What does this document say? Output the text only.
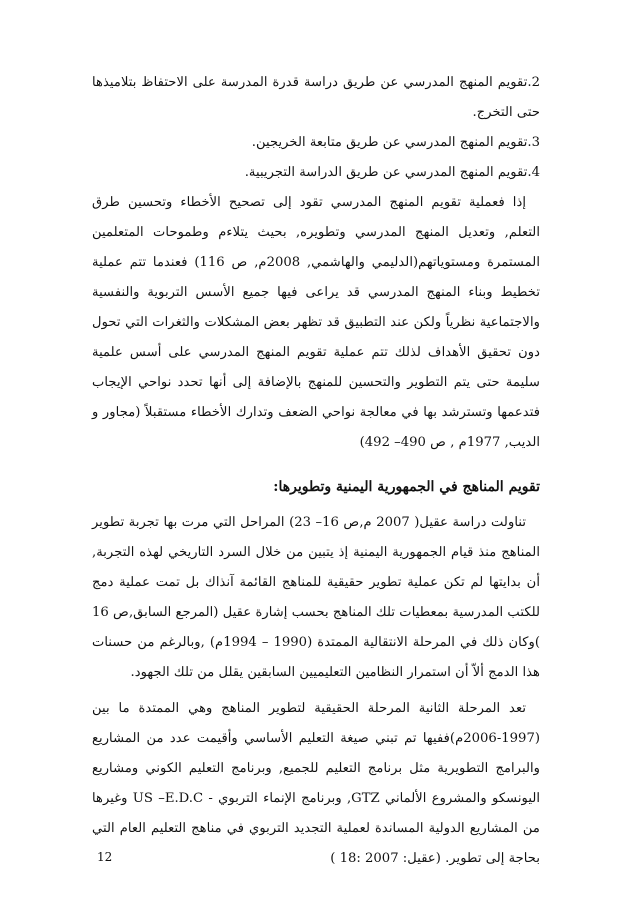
2.تقويم المنهج المدرسي عن طريق دراسة قدرة المدرسة على الاحتفاظ بتلاميذها حتى التخرج.

3.تقويم المنهج المدرسي عن طريق متابعة الخريجين.

4.تقويم المنهج المدرسي عن طريق الدراسة التجريبية.

إذا فعملية تقويم المنهج المدرسي تقود إلى تصحيح الأخطاء وتحسين طرق التعلم, وتعديل المنهج المدرسي وتطويره, بحيث يتلاءم وطموحات المتعلمين المستمرة ومستوياتهم(الدليمي والهاشمي, 2008م, ص 116) فعندما تتم عملية تخطيط وبناء المنهج المدرسي قد يراعى فيها جميع الأسس التربوية والنفسية والاجتماعية نظرياً ولكن عند التطبيق قد تظهر بعض المشكلات والثغرات التي تحول دون تحقيق الأهداف لذلك تتم عملية تقويم المنهج المدرسي على أسس علمية سليمة حتى يتم التطوير والتحسين للمنهج بالإضافة إلى أنها تحدد نواحي الإيجاب فتدعمها وتسترشد بها في معالجة نواحي الضعف وتدارك الأخطاء مستقبلاً (مجاور و الديب, 1977م , ص 490– 492)

تقويم المناهج في الجمهورية اليمنية وتطويرها:

تناولت دراسة عقيل( 2007 م,ص 16– 23) المراحل التي مرت بها تجربة تطوير المناهج منذ قيام الجمهورية اليمنية إذ يتبين من خلال السرد التاريخي لهذه التجربة, أن بدايتها لم تكن عملية تطوير حقيقية للمناهج القائمة آنذاك بل تمت عملية دمج للكتب المدرسية بمعطيات تلك المناهج بحسب إشارة عقيل (المرجع السابق,ص 16 )وكان ذلك في المرحلة الانتقالية الممتدة (1990 – 1994م) ,وبالرغم من حسنات هذا الدمج ألاّ أن استمرار النظامين التعليميين السابقين يقلل من تلك الجهود.

تعد المرحلة الثانية المرحلة الحقيقية لتطوير المناهج وهي الممتدة ما بين (1997-2006م)ففيها تم تبني صيغة التعليم الأساسي وأقيمت عدد من المشاريع والبرامج التطويرية مثل برنامج التعليم للجميع, وبرنامج التعليم الكوني ومشاريع اليونسكو والمشروع الألماني GTZ, وبرنامج الإنماء التربوي - US –E.D.C وغيرها من المشاريع الدولية المساندة لعملية التجديد التربوي في مناهج التعليم العام التي بحاجة إلى تطوير. (عقيل: 2007 :18 )

12
